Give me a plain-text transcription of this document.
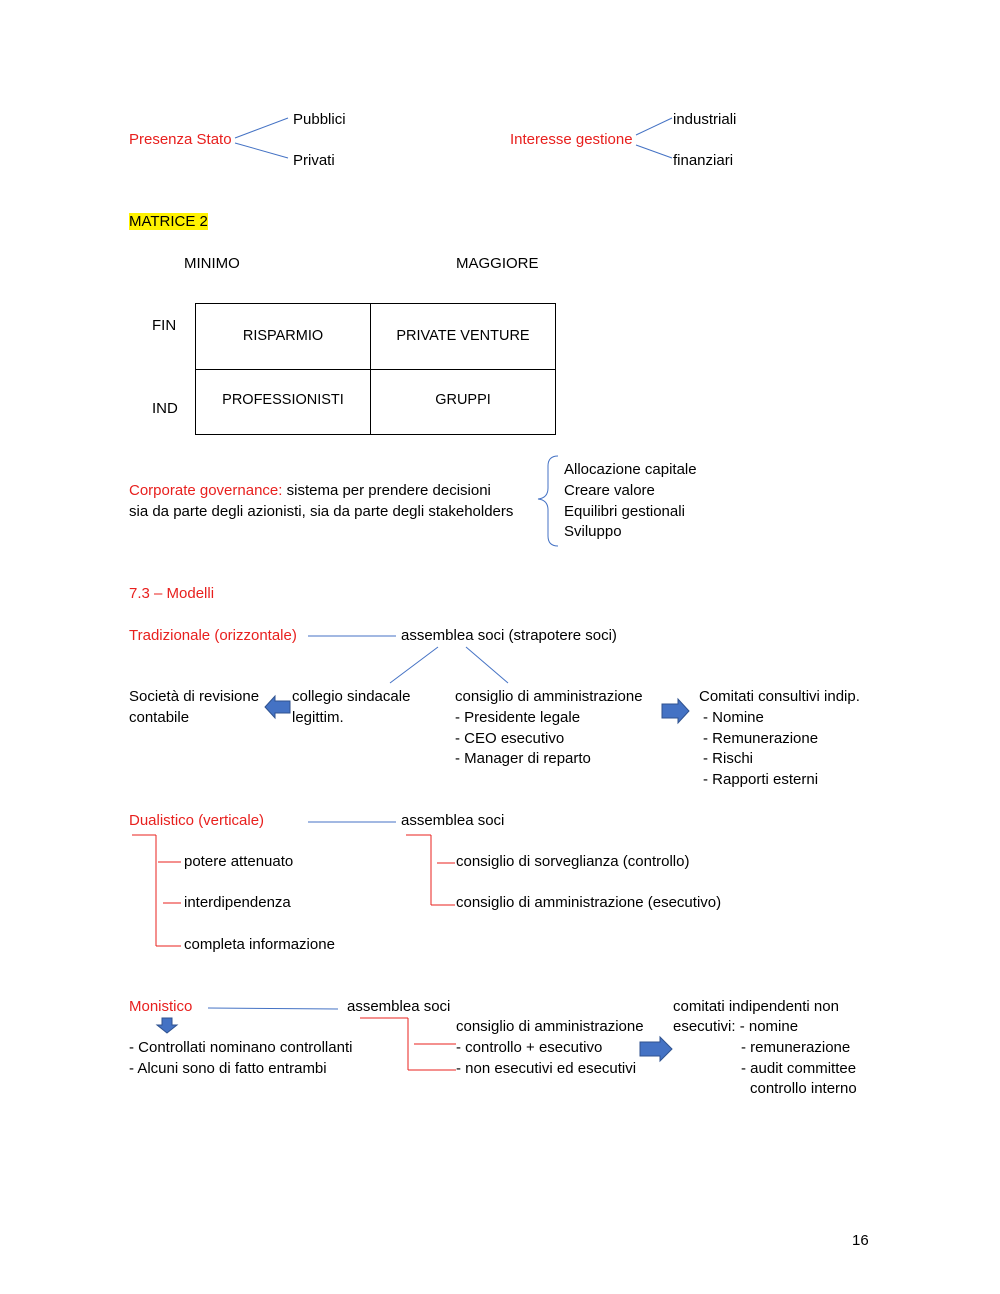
Presenza Stato
Pubblici
Privati
Interesse gestione
industriali
finanziari
MATRICE 2
MINIMO	MAGGIORE
FIN
IND
RISPARMIO	PRIVATE VENTURE
PROFESSIONISTI	GRUPPI
Corporate governance: sistema per prendere decisioni
sia da parte degli azionisti, sia da parte degli stakeholders
Allocazione capitale
Creare valore
Equilibri gestionali
Sviluppo
7.3 – Modelli
Tradizionale (orizzontale)	assemblea soci (strapotere soci)
Società di revisione
contabile
collegio sindacale
legittim.
consiglio di amministrazione
- Presidente legale
- CEO esecutivo
- Manager di reparto
Comitati consultivi indip.
- Nomine
- Remunerazione
- Rischi
- Rapporti esterni
Dualistico (verticale)	assemblea soci
potere attenuato
interdipendenza
completa informazione
consiglio di sorveglianza (controllo)
consiglio di amministrazione (esecutivo)
Monistico	assemblea soci
- Controllati nominano controllanti
- Alcuni sono di fatto entrambi
consiglio di amministrazione
- controllo + esecutivo
- non esecutivi ed esecutivi
comitati indipendenti non
esecutivi: - nomine
- remunerazione
- audit committee
controllo interno
16
